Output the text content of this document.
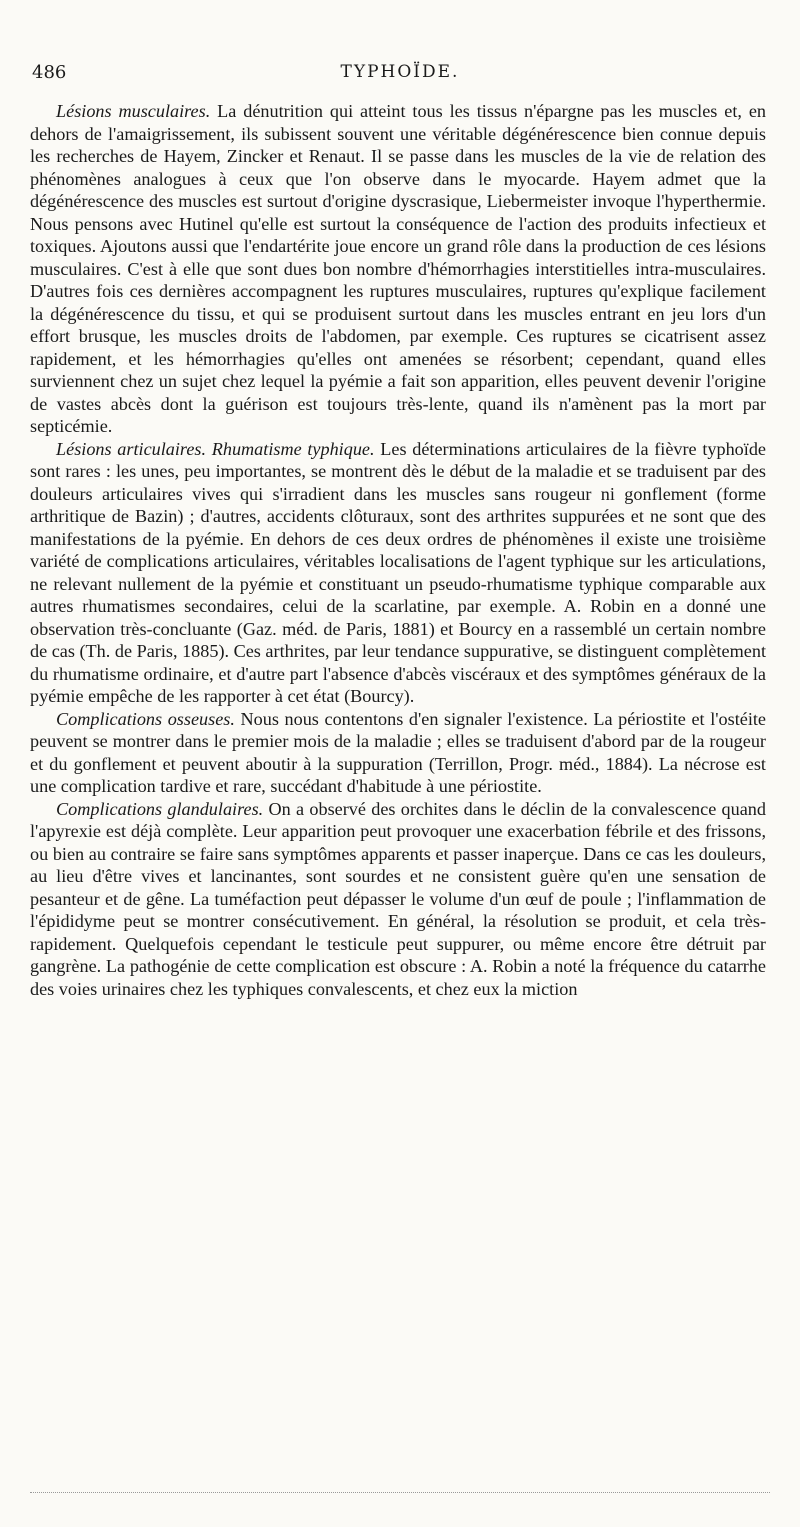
486	TYPHOÏDE.

Lésions musculaires. La dénutrition qui atteint tous les tissus n'épargne pas les muscles et, en dehors de l'amaigrissement, ils subissent souvent une véritable dégénérescence bien connue depuis les recherches de Hayem, Zincker et Renaut. Il se passe dans les muscles de la vie de relation des phénomènes analogues à ceux que l'on observe dans le myocarde. Hayem admet que la dégénérescence des muscles est surtout d'origine dyscrasique, Liebermeister invoque l'hyperthermie. Nous pensons avec Hutinel qu'elle est surtout la conséquence de l'action des produits infectieux et toxiques. Ajoutons aussi que l'endartérite joue encore un grand rôle dans la production de ces lésions musculaires. C'est à elle que sont dues bon nombre d'hémorrhagies interstitielles intra-musculaires. D'autres fois ces dernières accompagnent les ruptures musculaires, ruptures qu'explique facilement la dégénérescence du tissu, et qui se produisent surtout dans les muscles entrant en jeu lors d'un effort brusque, les muscles droits de l'abdomen, par exemple. Ces ruptures se cicatrisent assez rapidement, et les hémorrhagies qu'elles ont amenées se résorbent; cependant, quand elles surviennent chez un sujet chez lequel la pyémie a fait son apparition, elles peuvent devenir l'origine de vastes abcès dont la guérison est toujours très-lente, quand ils n'amènent pas la mort par septicémie.

Lésions articulaires. Rhumatisme typhique. Les déterminations articulaires de la fièvre typhoïde sont rares : les unes, peu importantes, se montrent dès le début de la maladie et se traduisent par des douleurs articulaires vives qui s'irradient dans les muscles sans rougeur ni gonflement (forme arthritique de Bazin) ; d'autres, accidents clôturaux, sont des arthrites suppurées et ne sont que des manifestations de la pyémie. En dehors de ces deux ordres de phénomènes il existe une troisième variété de complications articulaires, véritables localisations de l'agent typhique sur les articulations, ne relevant nullement de la pyémie et constituant un pseudo-rhumatisme typhique comparable aux autres rhumatismes secondaires, celui de la scarlatine, par exemple. A. Robin en a donné une observation très-concluante (Gaz. méd. de Paris, 1881) et Bourcy en a rassemblé un certain nombre de cas (Th. de Paris, 1885). Ces arthrites, par leur tendance suppurative, se distinguent complètement du rhumatisme ordinaire, et d'autre part l'absence d'abcès viscéraux et des symptômes généraux de la pyémie empêche de les rapporter à cet état (Bourcy).

Complications osseuses. Nous nous contentons d'en signaler l'existence. La périostite et l'ostéite peuvent se montrer dans le premier mois de la maladie ; elles se traduisent d'abord par de la rougeur et du gonflement et peuvent aboutir à la suppuration (Terrillon, Progr. méd., 1884). La nécrose est une complication tardive et rare, succédant d'habitude à une périostite.

Complications glandulaires. On a observé des orchites dans le déclin de la convalescence quand l'apyrexie est déjà complète. Leur apparition peut provoquer une exacerbation fébrile et des frissons, ou bien au contraire se faire sans symptômes apparents et passer inaperçue. Dans ce cas les douleurs, au lieu d'être vives et lancinantes, sont sourdes et ne consistent guère qu'en une sensation de pesanteur et de gêne. La tuméfaction peut dépasser le volume d'un œuf de poule ; l'inflammation de l'épididyme peut se montrer consécutivement. En général, la résolution se produit, et cela très-rapidement. Quelquefois cependant le testicule peut suppurer, ou même encore être détruit par gangrène. La pathogénie de cette complication est obscure : A. Robin a noté la fréquence du catarrhe des voies urinaires chez les typhiques convalescents, et chez eux la miction
